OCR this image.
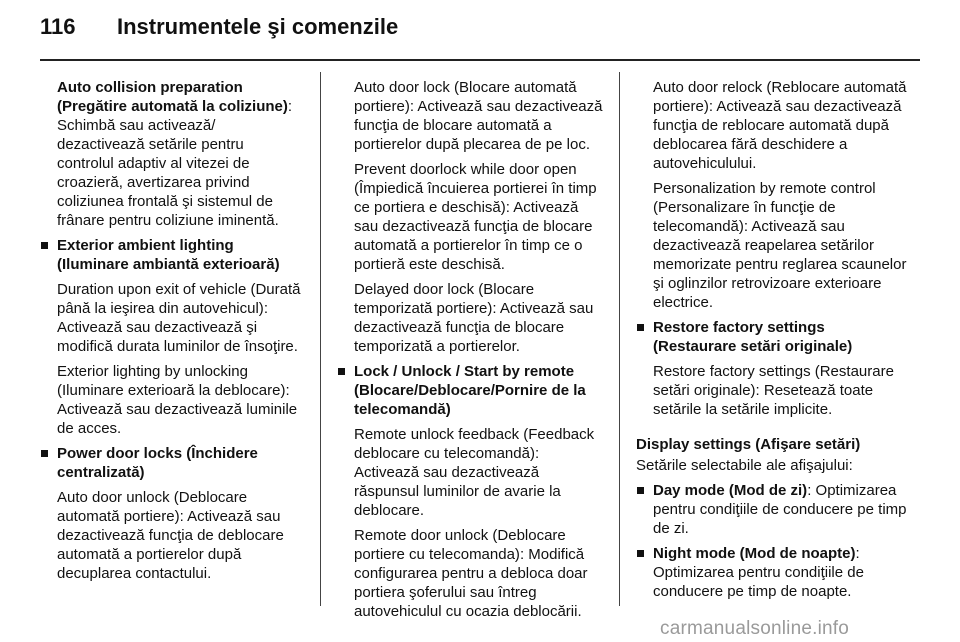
116 Instrumentele şi comenzile
Auto collision preparation (Pregătire automată la coliziune): Schimbă sau activează/ dezactivează setările pentru controlul adaptiv al vitezei de croazieră, avertizarea privind coliziunea frontală şi sistemul de frânare pentru coliziune iminentă.
Exterior ambient lighting (Iluminare ambiantă exterioară)
Duration upon exit of vehicle (Durată până la ieşirea din autovehicul): Activează sau dezactivează şi modifică durata luminilor de însoţire.
Exterior lighting by unlocking (Iluminare exterioară la deblocare): Activează sau dezactivează luminile de acces.
Power door locks (Închidere centralizată)
Auto door unlock (Deblocare automată portiere): Activează sau dezactivează funcţia de deblocare automată a portierelor după decuplarea contactului.
Auto door lock (Blocare automată portiere): Activează sau dezactivează funcţia de blocare automată a portierelor după plecarea de pe loc.
Prevent doorlock while door open (Împiedică încuierea portierei în timp ce portiera e deschisă): Activează sau dezactivează funcţia de blocare automată a portierelor în timp ce o portieră este deschisă.
Delayed door lock (Blocare temporizată portiere): Activează sau dezactivează funcţia de blocare temporizată a portierelor.
Lock / Unlock / Start by remote (Blocare/Deblocare/Pornire de la telecomandă)
Remote unlock feedback (Feedback deblocare cu telecomandă): Activează sau dezactivează răspunsul luminilor de avarie la deblocare.
Remote door unlock (Deblocare portiere cu telecomanda): Modifică configurarea pentru a debloca doar portiera şoferului sau întreg autovehiculul cu ocazia deblocării.
Auto door relock (Reblocare automată portiere): Activează sau dezactivează funcţia de reblocare automată după deblocarea fără deschidere a autovehiculului.
Personalization by remote control (Personalizare în funcţie de telecomandă): Activează sau dezactivează reapelarea setărilor memorizate pentru reglarea scaunelor şi oglinzilor retrovizoare exterioare electrice.
Restore factory settings (Restaurare setări originale)
Restore factory settings (Restaurare setări originale): Resetează toate setările la setările implicite.
Display settings (Afişare setări)
Setările selectabile ale afişajului:
Day mode (Mod de zi): Optimizarea pentru condiţiile de conducere pe timp de zi.
Night mode (Mod de noapte): Optimizarea pentru condiţiile de conducere pe timp de noapte.
carmanualsonline.info
